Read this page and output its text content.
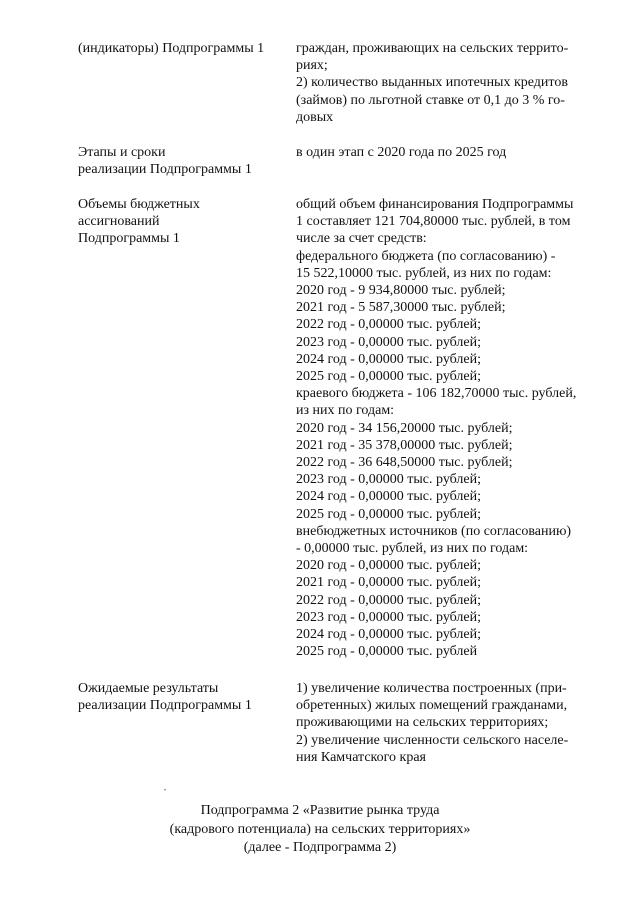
(индикаторы) Подпрограммы 1	граждан, проживающих на сельских террито-
риях;
2) количество выданных ипотечных кредитов
(займов) по льготной ставке от 0,1 до 3 % го-
довых
Этапы и сроки
реализации Подпрограммы 1
в один этап с 2020 года по 2025 год
Объемы бюджетных
ассигнований
Подпрограммы 1
общий объем финансирования Подпрограммы
1 составляет 121 704,80000 тыс. рублей, в том
числе за счет средств:
федерального бюджета (по согласованию) -
15 522,10000 тыс. рублей, из них по годам:
2020 год - 9 934,80000 тыс. рублей;
2021 год - 5 587,30000 тыс. рублей;
2022 год - 0,00000 тыс. рублей;
2023 год - 0,00000 тыс. рублей;
2024 год - 0,00000 тыс. рублей;
2025 год - 0,00000 тыс. рублей;
краевого бюджета - 106 182,70000 тыс. рублей,
из них по годам:
2020 год - 34 156,20000 тыс. рублей;
2021 год - 35 378,00000 тыс. рублей;
2022 год - 36 648,50000 тыс. рублей;
2023 год - 0,00000 тыс. рублей;
2024 год - 0,00000 тыс. рублей;
2025 год - 0,00000 тыс. рублей;
внебюджетных источников (по согласованию)
- 0,00000 тыс. рублей, из них по годам:
2020 год - 0,00000 тыс. рублей;
2021 год - 0,00000 тыс. рублей;
2022 год - 0,00000 тыс. рублей;
2023 год - 0,00000 тыс. рублей;
2024 год - 0,00000 тыс. рублей;
2025 год - 0,00000 тыс. рублей
Ожидаемые результаты
реализации Подпрограммы 1
1) увеличение количества построенных (при-
обретенных) жилых помещений гражданами,
проживающими на сельских территориях;
2) увеличение численности сельского населе-
ния Камчатского края
•
Подпрограмма 2 «Развитие рынка труда
(кадрового потенциала) на сельских территориях»
(далее - Подпрограмма 2)
